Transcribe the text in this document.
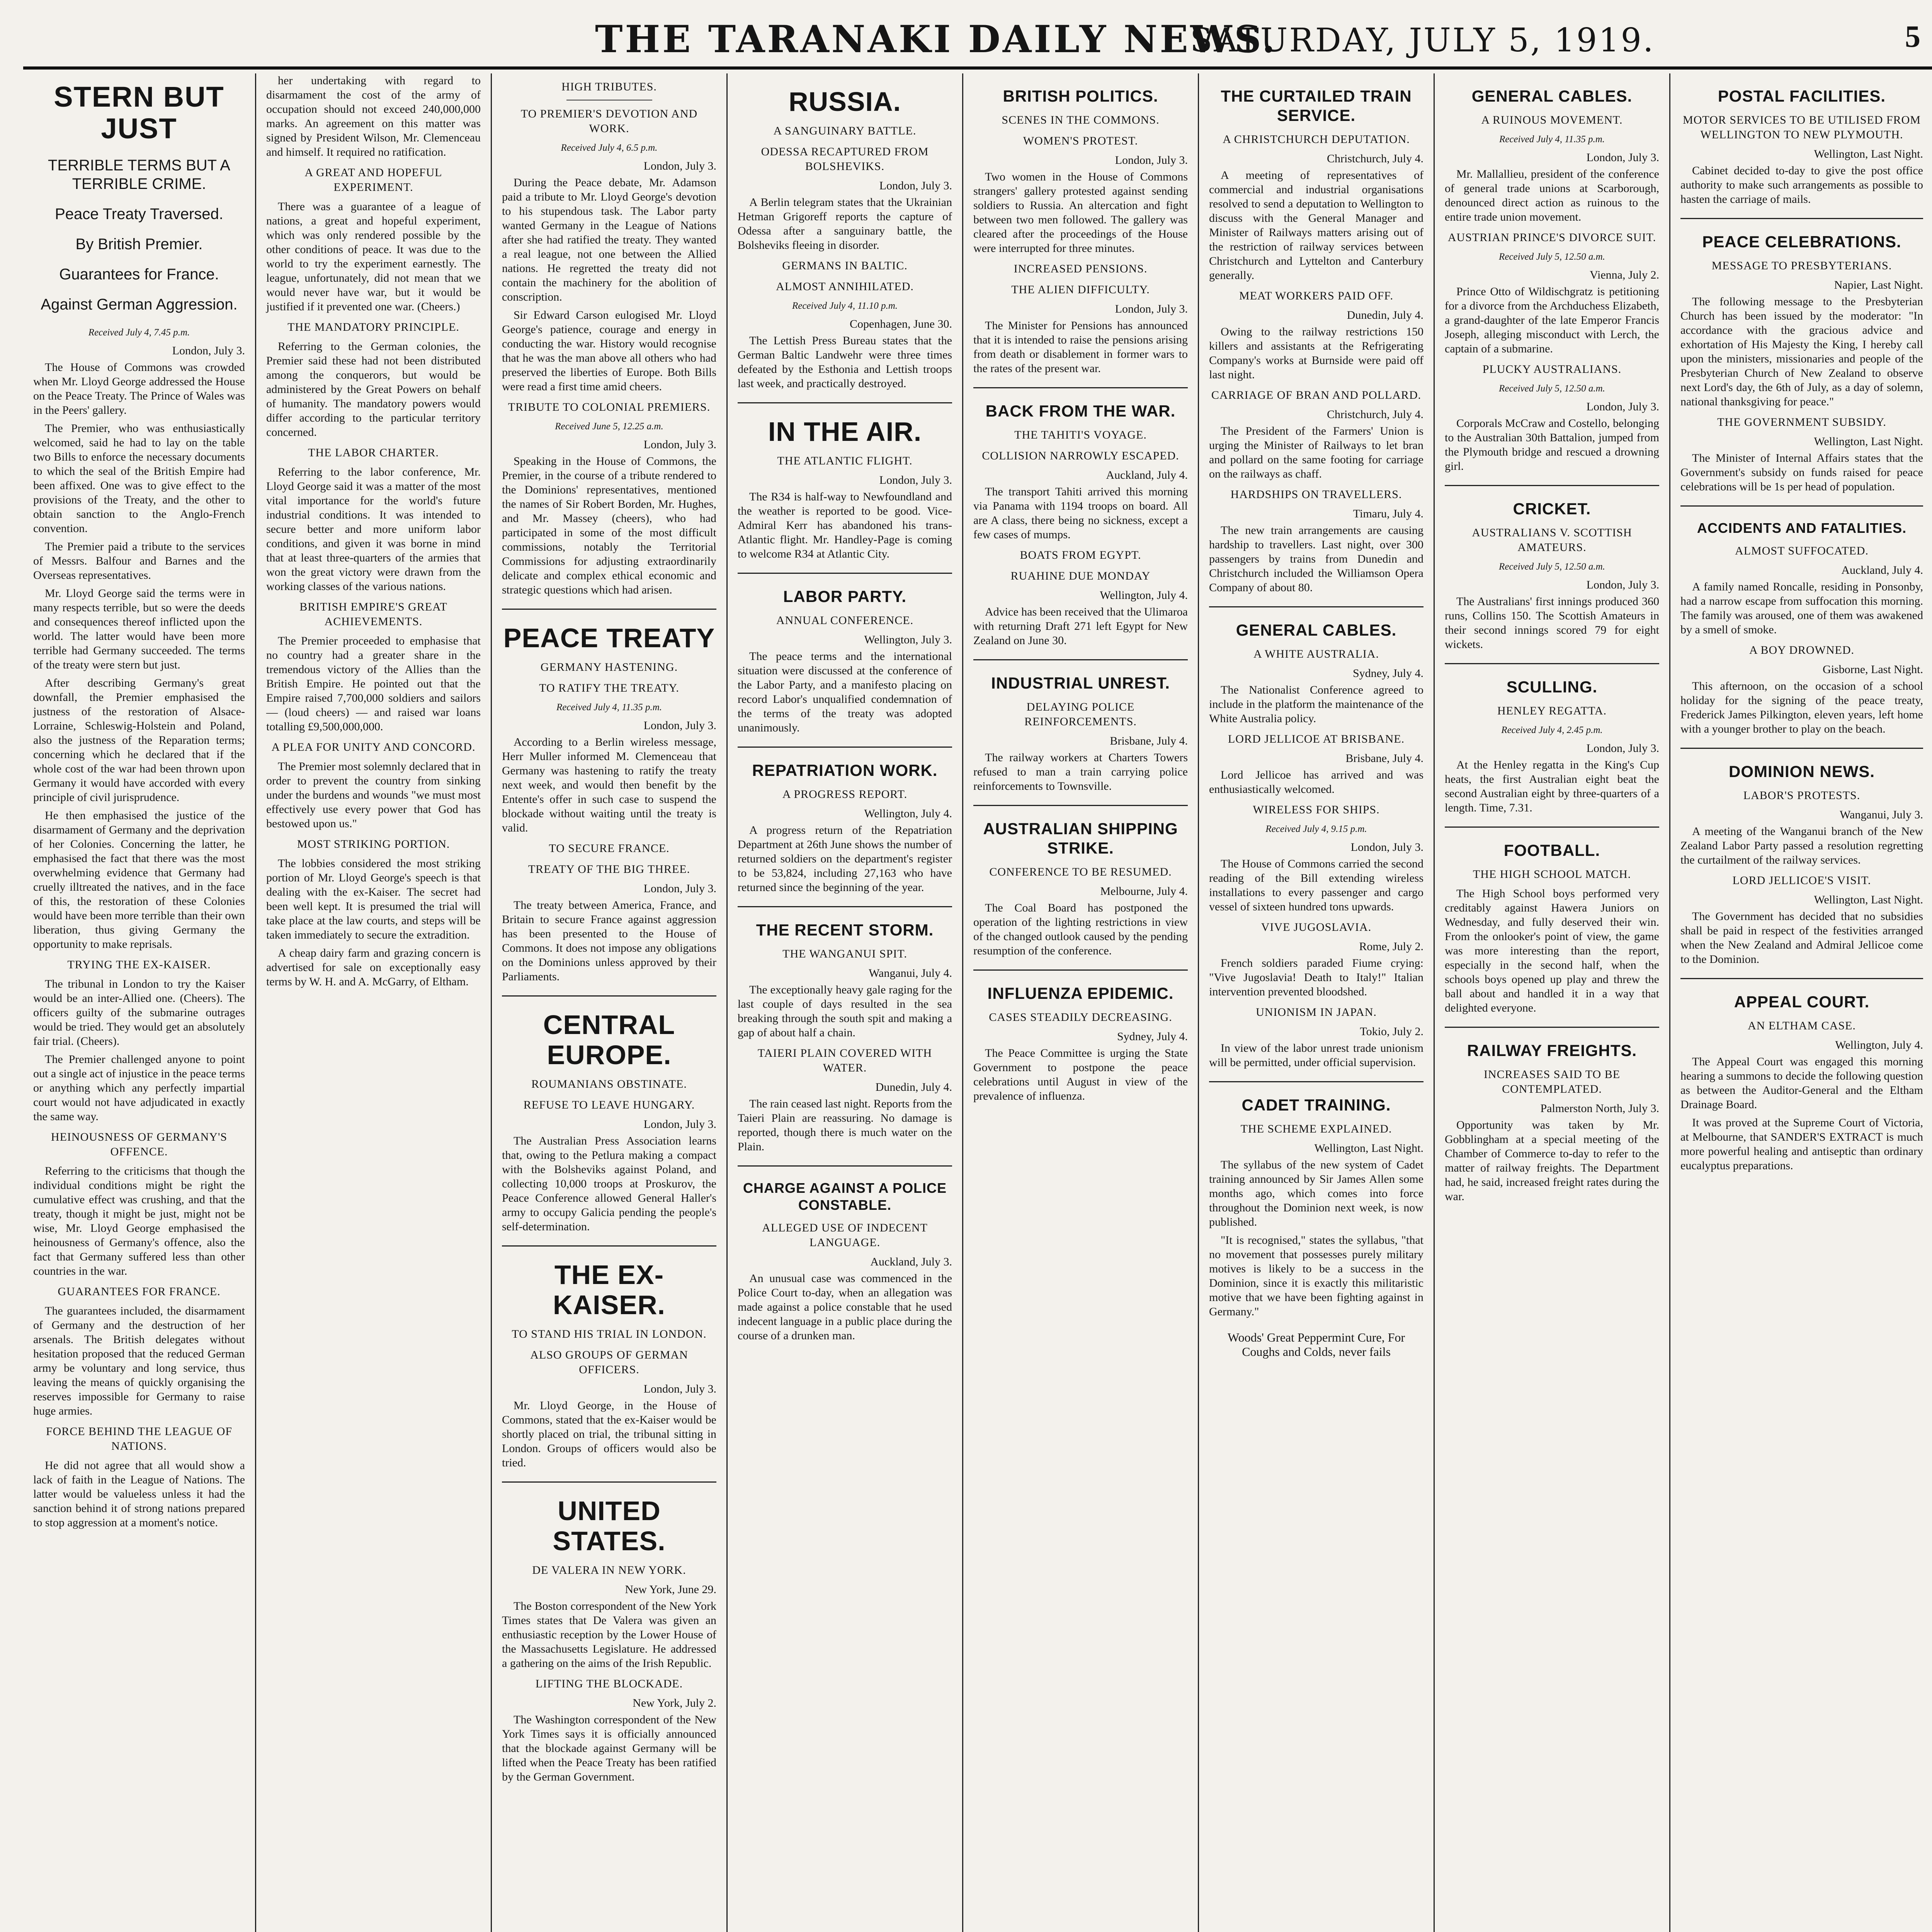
THE TARANAKI DAILY NEWS.
SATURDAY, JULY 5, 1919.	5
STERN BUT JUST
TERRIBLE TERMS BUT A TERRIBLE CRIME.
Peace Treaty Traversed.
By British Premier.
Guarantees for France.
Against German Aggression.

Received July 4, 7.45 p.m.

London, July 3.

The House of Commons was crowded when Mr. Lloyd George addressed the House on the Peace Treaty. The Prince of Wales was in the Peers' gallery.

The Premier, who was enthusiastically welcomed, said he had to lay on the table two Bills to enforce the necessary documents to which the seal of the British Empire had been affixed. One was to give effect to the provisions of the Treaty, and the other to obtain sanction to the Anglo-French convention.

The Premier paid a tribute to the services of Messrs. Balfour and Barnes and the Overseas representatives.

Mr. Lloyd George said the terms were in many respects terrible, but so were the deeds and consequences thereof inflicted upon the world. The latter would have been more terrible had Germany succeeded. The terms of the treaty were stern but just.

After describing Germany's great downfall, the Premier emphasised the justness of the restoration of Alsace-Lorraine, Schleswig-Holstein and Poland, also the justness of the Reparation terms; concerning which he declared that if the whole cost of the war had been thrown upon Germany it would have accorded with every principle of civil jurisprudence.

He then emphasised the justice of the disarmament of Germany and the deprivation of her Colonies. Concerning the latter, he emphasised the fact that there was the most overwhelming evidence that Germany had cruelly illtreated the natives, and in the face of this, the restoration of these Colonies would have been more terrible than their own liberation, thus giving Germany the opportunity to make reprisals.

TRYING THE EX-KAISER.

The tribunal in London to try the Kaiser would be an inter-Allied one. (Cheers). The officers guilty of the submarine outrages would be tried. They would get an absolutely fair trial. (Cheers).

The Premier challenged anyone to point out a single act of injustice in the peace terms or anything which any perfectly impartial court would not have adjudicated in exactly the same way.

HEINOUSNESS OF GERMANY'S OFFENCE.

Referring to the criticisms that though the individual conditions might be right the cumulative effect was crushing, and that the treaty, though it might be just, might not be wise, Mr. Lloyd George emphasised the heinousness of Germany's offence, also the fact that Germany suffered less than other countries in the war.

GUARANTEES FOR FRANCE.

The guarantees included, the disarmament of Germany and the destruction of her arsenals. The British delegates without hesitation proposed that the reduced German army be voluntary and long service, thus leaving the means of quickly organising the reserves impossible for Germany to raise huge armies.

FORCE BEHIND THE LEAGUE OF NATIONS.

He did not agree that all would show a lack of faith in the League of Nations. The latter would be valueless unless it had the sanction behind it of strong nations prepared to stop aggression at a moment's notice.

her undertaking with regard to disarmament the cost of the army of occupation should not exceed 240,000,000 marks. An agreement on this matter was signed by President Wilson, Mr. Clemenceau and himself. It required no ratification.

A GREAT AND HOPEFUL EXPERIMENT.

There was a guarantee of a league of nations, a great and hopeful experiment, which was only rendered possible by the other conditions of peace. It was due to the world to try the experiment earnestly. The league, unfortunately, did not mean that we would never have war, but it would be justified if it prevented one war. (Cheers.)

THE MANDATORY PRINCIPLE.

Referring to the German colonies, the Premier said these had not been distributed among the conquerors, but would be administered by the Great Powers on behalf of humanity. The mandatory powers would differ according to the particular territory concerned.

THE LABOR CHARTER.

Referring to the labor conference, Mr. Lloyd George said it was a matter of the most vital importance for the world's future industrial conditions. It was intended to secure better and more uniform labor conditions, and given it was borne in mind that at least three-quarters of the armies that won the great victory were drawn from the working classes of the various nations.

BRITISH EMPIRE'S GREAT ACHIEVEMENTS.

The Premier proceeded to emphasise that no country had a greater share in the tremendous victory of the Allies than the British Empire. He pointed out that the Empire raised 7,700,000 soldiers and sailors — (loud cheers) — and raised war loans totalling £9,500,000,000.

A PLEA FOR UNITY AND CONCORD.

The Premier most solemnly declared that in order to prevent the country from sinking under the burdens and wounds "we must most effectively use every power that God has bestowed upon us."

MOST STRIKING PORTION.

The lobbies considered the most striking portion of Mr. Lloyd George's speech is that dealing with the ex-Kaiser. The secret had been well kept. It is presumed the trial will take place at the law courts, and steps will be taken immediately to secure the extradition.

A cheap dairy farm and grazing concern is advertised for sale on exceptionally easy terms by W. H. and A. McGarry, of Eltham.

HIGH TRIBUTES.
TO PREMIER'S DEVOTION AND WORK.

Received July 4, 6.5 p.m.

London, July 3.

During the Peace debate, Mr. Adamson paid a tribute to Mr. Lloyd George's devotion to his stupendous task. The Labor party wanted Germany in the League of Nations after she had ratified the treaty. They wanted a real league, not one between the Allied nations. He regretted the treaty did not contain the machinery for the abolition of conscription.

Sir Edward Carson eulogised Mr. Lloyd George's patience, courage and energy in conducting the war. History would recognise that he was the man above all others who had preserved the liberties of Europe. Both Bills were read a first time amid cheers.

TRIBUTE TO COLONIAL PREMIERS.

Received June 5, 12.25 a.m.

London, July 3.

Speaking in the House of Commons, the Premier, in the course of a tribute rendered to the Dominions' representatives, mentioned the names of Sir Robert Borden, Mr. Hughes, and Mr. Massey (cheers), who had participated in some of the most difficult commissions, notably the Territorial Commissions for adjusting extraordinarily delicate and complex ethical economic and strategic questions which had arisen.

PEACE TREATY
GERMANY HASTENING.
TO RATIFY THE TREATY.

Received July 4, 11.35 p.m.

London, July 3.

According to a Berlin wireless message, Herr Muller informed M. Clemenceau that Germany was hastening to ratify the treaty next week, and would then benefit by the Entente's offer in such case to suspend the blockade without waiting until the treaty is valid.

TO SECURE FRANCE.
TREATY OF THE BIG THREE.

London, July 3.

The treaty between America, France, and Britain to secure France against aggression has been presented to the House of Commons. It does not impose any obligations on the Dominions unless approved by their Parliaments.

CENTRAL EUROPE.
ROUMANIANS OBSTINATE.
REFUSE TO LEAVE HUNGARY.

London, July 3.

The Australian Press Association learns that, owing to the Petlura making a compact with the Bolsheviks against Poland, and collecting 10,000 troops at Proskurov, the Peace Conference allowed General Haller's army to occupy Galicia pending the people's self-determination.

THE EX-KAISER.
TO STAND HIS TRIAL IN LONDON.
ALSO GROUPS OF GERMAN OFFICERS.

London, July 3.

Mr. Lloyd George, in the House of Commons, stated that the ex-Kaiser would be shortly placed on trial, the tribunal sitting in London. Groups of officers would also be tried.

UNITED STATES.
DE VALERA IN NEW YORK.

New York, June 29.

The Boston correspondent of the New York Times states that De Valera was given an enthusiastic reception by the Lower House of the Massachusetts Legislature. He addressed a gathering on the aims of the Irish Republic.

LIFTING THE BLOCKADE.

New York, July 2.

The Washington correspondent of the New York Times says it is officially announced that the blockade against Germany will be lifted when the Peace Treaty has been ratified by the German Government.

RUSSIA.
A SANGUINARY BATTLE.
ODESSA RECAPTURED FROM BOLSHEVIKS.

London, July 3.

A Berlin telegram states that the Ukrainian Hetman Grigoreff reports the capture of Odessa after a sanguinary battle, the Bolsheviks fleeing in disorder.

GERMANS IN BALTIC.
ALMOST ANNIHILATED.

Received July 4, 11.10 p.m.

Copenhagen, June 30.

The Lettish Press Bureau states that the German Baltic Landwehr were three times defeated by the Esthonia and Lettish troops last week, and practically destroyed.

IN THE AIR.
THE ATLANTIC FLIGHT.

London, July 3.

The R34 is half-way to Newfoundland and the weather is reported to be good. Vice-Admiral Kerr has abandoned his trans-Atlantic flight. Mr. Handley-Page is coming to welcome R34 at Atlantic City.

LABOR PARTY.
ANNUAL CONFERENCE.

Wellington, July 3.

The peace terms and the international situation were discussed at the conference of the Labor Party, and a manifesto placing on record Labor's unqualified condemnation of the terms of the treaty was adopted unanimously.

REPATRIATION WORK.
A PROGRESS REPORT.

Wellington, July 4.

A progress return of the Repatriation Department at 26th June shows the number of returned soldiers on the department's register to be 53,824, including 27,163 who have returned since the beginning of the year.

THE RECENT STORM.
THE WANGANUI SPIT.

Wanganui, July 4.

The exceptionally heavy gale raging for the last couple of days resulted in the sea breaking through the south spit and making a gap of about half a chain.

TAIERI PLAIN COVERED WITH WATER.

Dunedin, July 4.

The rain ceased last night. Reports from the Taieri Plain are reassuring. No damage is reported, though there is much water on the Plain.

CHARGE AGAINST A POLICE CONSTABLE.
ALLEGED USE OF INDECENT LANGUAGE.

Auckland, July 3.

An unusual case was commenced in the Police Court to-day, when an allegation was made against a police constable that he used indecent language in a public place during the course of a drunken man.

BRITISH POLITICS.
SCENES IN THE COMMONS.
WOMEN'S PROTEST.

London, July 3.

Two women in the House of Commons strangers' gallery protested against sending soldiers to Russia. An altercation and fight between two men followed. The gallery was cleared after the proceedings of the House were interrupted for three minutes.

INCREASED PENSIONS.
THE ALIEN DIFFICULTY.

London, July 3.

The Minister for Pensions has announced that it is intended to raise the pensions arising from death or disablement in former wars to the rates of the present war.

BACK FROM THE WAR.
THE TAHITI'S VOYAGE.
COLLISION NARROWLY ESCAPED.

Auckland, July 4.

The transport Tahiti arrived this morning via Panama with 1194 troops on board. All are A class, there being no sickness, except a few cases of mumps.

BOATS FROM EGYPT.
RUAHINE DUE MONDAY

Wellington, July 4.

Advice has been received that the Ulimaroa with returning Draft 271 left Egypt for New Zealand on June 30.

INDUSTRIAL UNREST.
DELAYING POLICE REINFORCEMENTS.

Brisbane, July 4.

The railway workers at Charters Towers refused to man a train carrying police reinforcements to Townsville.

AUSTRALIAN SHIPPING STRIKE.
CONFERENCE TO BE RESUMED.

Melbourne, July 4.

The Coal Board has postponed the operation of the lighting restrictions in view of the changed outlook caused by the pending resumption of the conference.

INFLUENZA EPIDEMIC.
CASES STEADILY DECREASING.

Sydney, July 4.

The Peace Committee is urging the State Government to postpone the peace celebrations until August in view of the prevalence of influenza.

THE CURTAILED TRAIN SERVICE.
A CHRISTCHURCH DEPUTATION.

Christchurch, July 4.

A meeting of representatives of commercial and industrial organisations resolved to send a deputation to Wellington to discuss with the General Manager and Minister of Railways matters arising out of the restriction of railway services between Christchurch and Lyttelton and Canterbury generally.

MEAT WORKERS PAID OFF.

Dunedin, July 4.

Owing to the railway restrictions 150 killers and assistants at the Refrigerating Company's works at Burnside were paid off last night.

CARRIAGE OF BRAN AND POLLARD.

Christchurch, July 4.

The President of the Farmers' Union is urging the Minister of Railways to let bran and pollard on the same footing for carriage on the railways as chaff.

HARDSHIPS ON TRAVELLERS.

Timaru, July 4.

The new train arrangements are causing hardship to travellers. Last night, over 300 passengers by trains from Dunedin and Christchurch included the Williamson Opera Company of about 80.

GENERAL CABLES.
A WHITE AUSTRALIA.

Sydney, July 4.

The Nationalist Conference agreed to include in the platform the maintenance of the White Australia policy.

LORD JELLICOE AT BRISBANE.

Brisbane, July 4.

Lord Jellicoe has arrived and was enthusiastically welcomed.

WIRELESS FOR SHIPS.

Received July 4, 9.15 p.m.

London, July 3.

The House of Commons carried the second reading of the Bill extending wireless installations to every passenger and cargo vessel of sixteen hundred tons upwards.

VIVE JUGOSLAVIA.

Rome, July 2.

French soldiers paraded Fiume crying: "Vive Jugoslavia! Death to Italy!" Italian intervention prevented bloodshed.

UNIONISM IN JAPAN.

Tokio, July 2.

In view of the labor unrest trade unionism will be permitted, under official supervision.

CADET TRAINING.
THE SCHEME EXPLAINED.

Wellington, Last Night.

The syllabus of the new system of Cadet training announced by Sir James Allen some months ago, which comes into force throughout the Dominion next week, is now published.

"It is recognised," states the syllabus, "that no movement that possesses purely military motives is likely to be a success in the Dominion, since it is exactly this militaristic motive that we have been fighting against in Germany."

Woods' Great Peppermint Cure, For Coughs and Colds, never fails
GENERAL CABLES.
A RUINOUS MOVEMENT.

Received July 4, 11.35 p.m.

London, July 3.

Mr. Mallallieu, president of the conference of general trade unions at Scarborough, denounced direct action as ruinous to the entire trade union movement.

AUSTRIAN PRINCE'S DIVORCE SUIT.

Received July 5, 12.50 a.m.

Vienna, July 2.

Prince Otto of Wildischgratz is petitioning for a divorce from the Archduchess Elizabeth, a grand-daughter of the late Emperor Francis Joseph, alleging misconduct with Lerch, the captain of a submarine.

PLUCKY AUSTRALIANS.

Received July 5, 12.50 a.m.

London, July 3.

Corporals McCraw and Costello, belonging to the Australian 30th Battalion, jumped from the Plymouth bridge and rescued a drowning girl.

CRICKET.
AUSTRALIANS V. SCOTTISH AMATEURS.

Received July 5, 12.50 a.m.

London, July 3.

The Australians' first innings produced 360 runs, Collins 150. The Scottish Amateurs in their second innings scored 79 for eight wickets.

SCULLING.
HENLEY REGATTA.

Received July 4, 2.45 p.m.

London, July 3.

At the Henley regatta in the King's Cup heats, the first Australian eight beat the second Australian eight by three-quarters of a length. Time, 7.31.

FOOTBALL.
THE HIGH SCHOOL MATCH.

The High School boys performed very creditably against Hawera Juniors on Wednesday, and fully deserved their win. From the onlooker's point of view, the game was more interesting than the report, especially in the second half, when the schools boys opened up play and threw the ball about and handled it in a way that delighted everyone.

RAILWAY FREIGHTS.
INCREASES SAID TO BE CONTEMPLATED.

Palmerston North, July 3.

Opportunity was taken by Mr. Gobblingham at a special meeting of the Chamber of Commerce to-day to refer to the matter of railway freights. The Department had, he said, increased freight rates during the war.

POSTAL FACILITIES.
MOTOR SERVICES TO BE UTILISED FROM WELLINGTON TO NEW PLYMOUTH.

Wellington, Last Night.

Cabinet decided to-day to give the post office authority to make such arrangements as possible to hasten the carriage of mails.

PEACE CELEBRATIONS.
MESSAGE TO PRESBYTERIANS.

Napier, Last Night.

The following message to the Presbyterian Church has been issued by the moderator: "In accordance with the gracious advice and exhortation of His Majesty the King, I hereby call upon the ministers, missionaries and people of the Presbyterian Church of New Zealand to observe next Lord's day, the 6th of July, as a day of solemn, national thanksgiving for peace."

THE GOVERNMENT SUBSIDY.

Wellington, Last Night.

The Minister of Internal Affairs states that the Government's subsidy on funds raised for peace celebrations will be 1s per head of population.

ACCIDENTS AND FATALITIES.
ALMOST SUFFOCATED.

Auckland, July 4.

A family named Roncalle, residing in Ponsonby, had a narrow escape from suffocation this morning. The family was aroused, one of them was awakened by a smell of smoke.

A BOY DROWNED.

Gisborne, Last Night.

This afternoon, on the occasion of a school holiday for the signing of the peace treaty, Frederick James Pilkington, eleven years, left home with a younger brother to play on the beach.

DOMINION NEWS.
LABOR'S PROTESTS.

Wanganui, July 3.

A meeting of the Wanganui branch of the New Zealand Labor Party passed a resolution regretting the curtailment of the railway services.

LORD JELLICOE'S VISIT.

Wellington, Last Night.

The Government has decided that no subsidies shall be paid in respect of the festivities arranged when the New Zealand and Admiral Jellicoe come to the Dominion.

APPEAL COURT.
AN ELTHAM CASE.

Wellington, July 4.

The Appeal Court was engaged this morning hearing a summons to decide the following question as between the Auditor-General and the Eltham Drainage Board.

It was proved at the Supreme Court of Victoria, at Melbourne, that SANDER'S EXTRACT is much more powerful healing and antiseptic than ordinary eucalyptus preparations.
